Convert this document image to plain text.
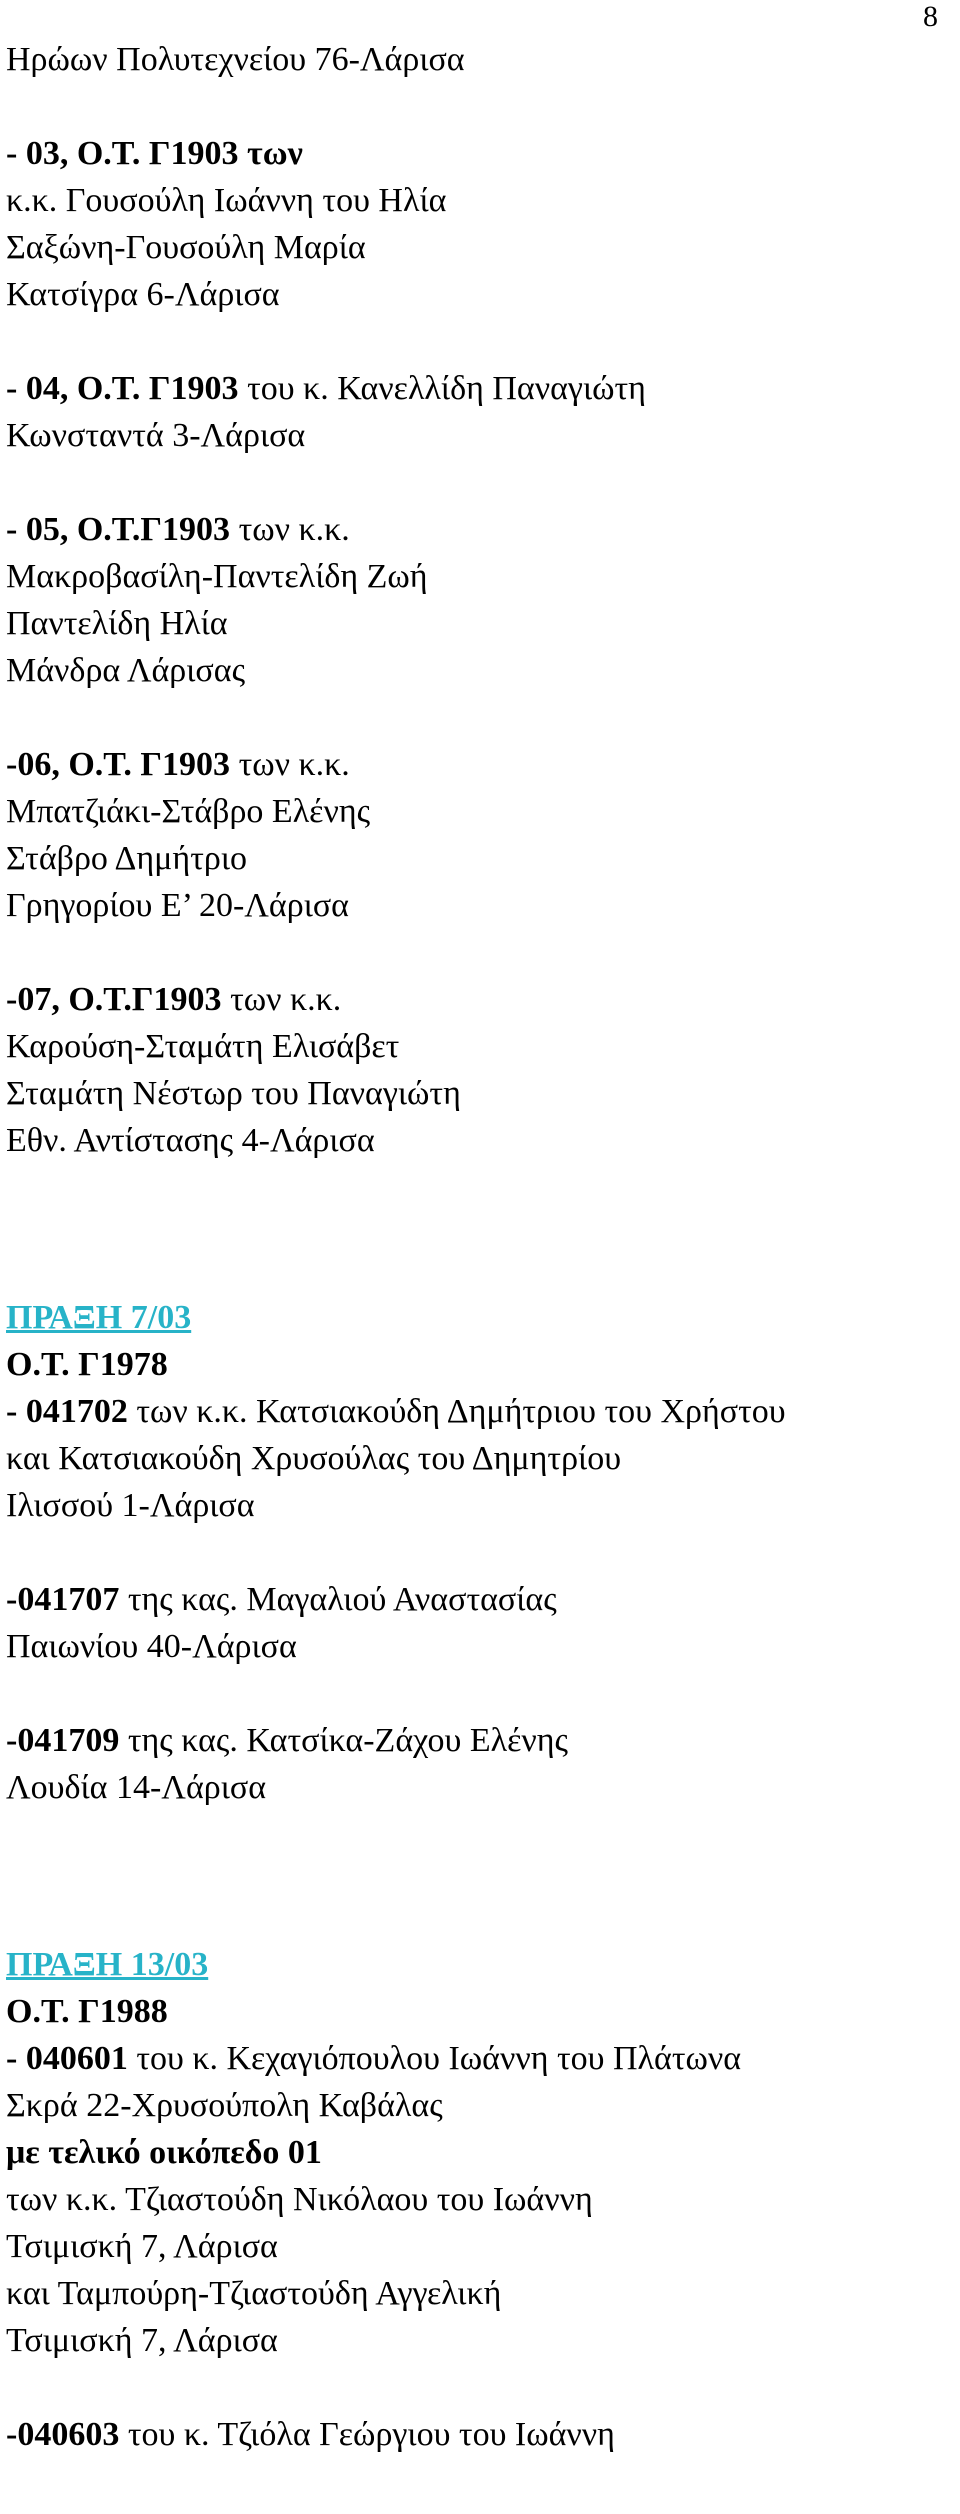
8
Ηρώων Πολυτεχνείου 76-Λάρισα
- 03, Ο.Τ. Γ1903 των
κ.κ. Γουσούλη Ιωάννη του Ηλία
Σαξώνη-Γουσούλη Μαρία
Κατσίγρα 6-Λάρισα
- 04, Ο.Τ. Γ1903 του κ. Κανελλίδη Παναγιώτη
Κωνσταντά 3-Λάρισα
- 05, Ο.Τ.Γ1903 των κ.κ.
Μακροβασίλη-Παντελίδη Ζωή
Παντελίδη Ηλία
Μάνδρα Λάρισας
-06, Ο.Τ. Γ1903 των κ.κ.
Μπατζιάκι-Στάβρο Ελένης
Στάβρο Δημήτριο
Γρηγορίου Ε’ 20-Λάρισα
-07, Ο.Τ.Γ1903 των κ.κ.
Καρούση-Σταμάτη Ελισάβετ
Σταμάτη Νέστωρ του Παναγιώτη
Εθν. Αντίστασης 4-Λάρισα
ΠΡΑΞΗ 7/03
Ο.Τ. Γ1978
- 041702 των κ.κ. Κατσιακούδη Δημήτριου του Χρήστου
και Κατσιακούδη Χρυσούλας του Δημητρίου
Ιλισσού 1-Λάρισα
-041707 της κας. Μαγαλιού Αναστασίας
Παιωνίου 40-Λάρισα
-041709 της κας. Κατσίκα-Ζάχου Ελένης
Λουδία 14-Λάρισα
ΠΡΑΞΗ 13/03
Ο.Τ. Γ1988
- 040601 του κ. Κεχαγιόπουλου Ιωάννη του Πλάτωνα
Σκρά 22-Χρυσούπολη Καβάλας
με τελικό οικόπεδο 01
των κ.κ. Τζιαστούδη Νικόλαου του Ιωάννη
Τσιμισκή 7, Λάρισα
και Ταμπούρη-Τζιαστούδη Αγγελική
Τσιμισκή 7, Λάρισα
-040603 του κ. Τζιόλα Γεώργιου του Ιωάννη
